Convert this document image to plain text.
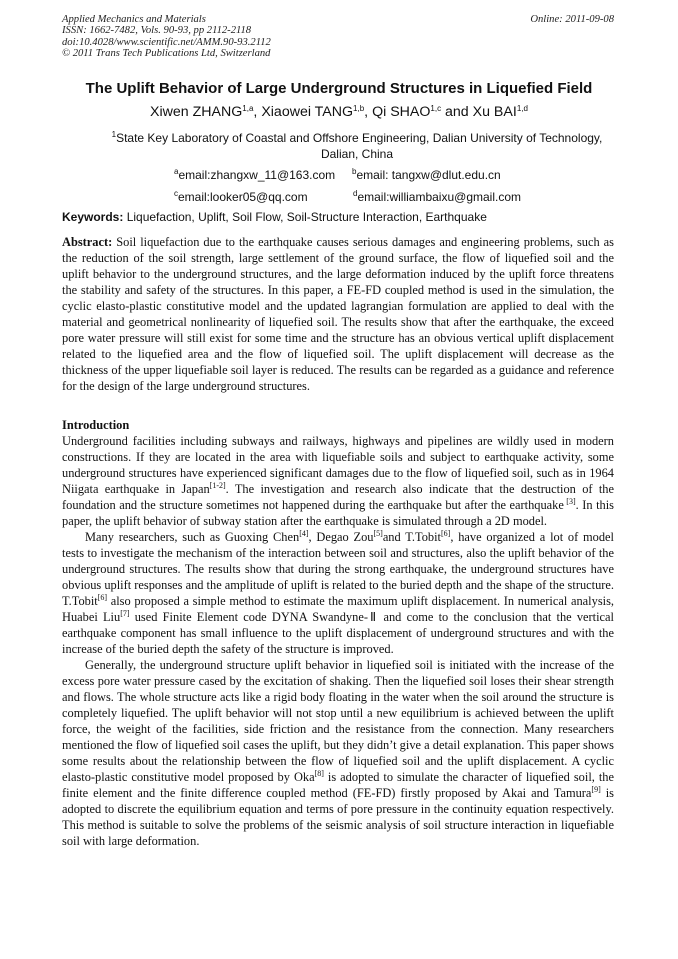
Applied Mechanics and Materials
ISSN: 1662-7482, Vols. 90-93, pp 2112-2118
doi:10.4028/www.scientific.net/AMM.90-93.2112
© 2011 Trans Tech Publications Ltd, Switzerland
Online: 2011-09-08
The Uplift Behavior of Large Underground Structures in Liquefied Field
Xiwen ZHANG$^{1,a}$, Xiaowei TANG$^{1,b}$, Qi SHAO$^{1,c}$ and Xu BAI$^{1,d}$
$^1$State Key Laboratory of Coastal and Offshore Engineering, Dalian University of Technology, Dalian, China
$^a$email:zhangxw_11@163.com $^b$email: tangxw@dlut.edu.cn
$^c$email:looker05@qq.com	$^d$email:williambaixu@gmail.com
Keywords: Liquefaction, Uplift, Soil Flow, Soil-Structure Interaction, Earthquake

Abstract: Soil liquefaction due to the earthquake causes serious damages and engineering problems, such as the reduction of the soil strength, large settlement of the ground surface, the flow of liquefied soil and the uplift behavior to the underground structures, and the large deformation induced by the uplift force threatens the stability and safety of the structures. In this paper, a FE-FD coupled method is used in the simulation, the cyclic elasto-plastic constitutive model and the updated lagrangian formulation are applied to deal with the material and geometrical nonlinearity of liquefied soil. The results show that after the earthquake, the exceed pore water pressure will still exist for some time and the structure has an obvious vertical uplift displacement related to the liquefied area and the flow of liquefied soil. The uplift displacement will decrease as the thickness of the upper liquefiable soil layer is reduced. The results can be regarded as a guidance and reference for the design of the large underground structures.

Introduction

Underground facilities including subways and railways, highways and pipelines are wildly used in modern constructions. If they are located in the area with liquefiable soils and subject to earthquake activity, some underground structures have experienced significant damages due to the flow of liquefied soil, such as in 1964 Niigata earthquake in Japan[1-2]. The investigation and research also indicate that the destruction of the foundation and the structure sometimes not happened during the earthquake but after the earthquake [3]. In this paper, the uplift behavior of subway station after the earthquake is simulated through a 2D model.

Many researchers, such as Guoxing Chen[4], Degao Zou[5]and T.Tobit[6], have organized a lot of model tests to investigate the mechanism of the interaction between soil and structures, also the uplift behavior of the underground structures. The results show that during the strong earthquake, the underground structures have obvious uplift responses and the amplitude of uplift is related to the buried depth and the shape of the structure. T.Tobit[6] also proposed a simple method to estimate the maximum uplift displacement. In numerical analysis, Huabei Liu[7] used Finite Element code DYNA Swandyne-Ⅱ and come to the conclusion that the vertical earthquake component has small influence to the uplift displacement of underground structures and with the increase of the buried depth the safety of the structure is improved.

Generally, the underground structure uplift behavior in liquefied soil is initiated with the increase of the excess pore water pressure cased by the excitation of shaking. Then the liquefied soil loses their shear strength and flows. The whole structure acts like a rigid body floating in the water when the soil around the structure is completely liquefied. The uplift behavior will not stop until a new equilibrium is achieved between the uplift force, the weight of the facilities, side friction and the resistance from the connection. Many researchers mentioned the flow of liquefied soil cases the uplift, but they didn’t give a detail explanation. This paper shows some results about the relationship between the flow of liquefied soil and the uplift displacement. A cyclic elasto-plastic constitutive model proposed by Oka[8] is adopted to simulate the character of liquefied soil, the finite element and the finite difference coupled method (FE-FD) firstly proposed by Akai and Tamura[9] is adopted to discrete the equilibrium equation and terms of pore pressure in the continuity equation respectively. This method is suitable to solve the problems of the seismic analysis of soil structure interaction in liquefiable soil with large deformation.
